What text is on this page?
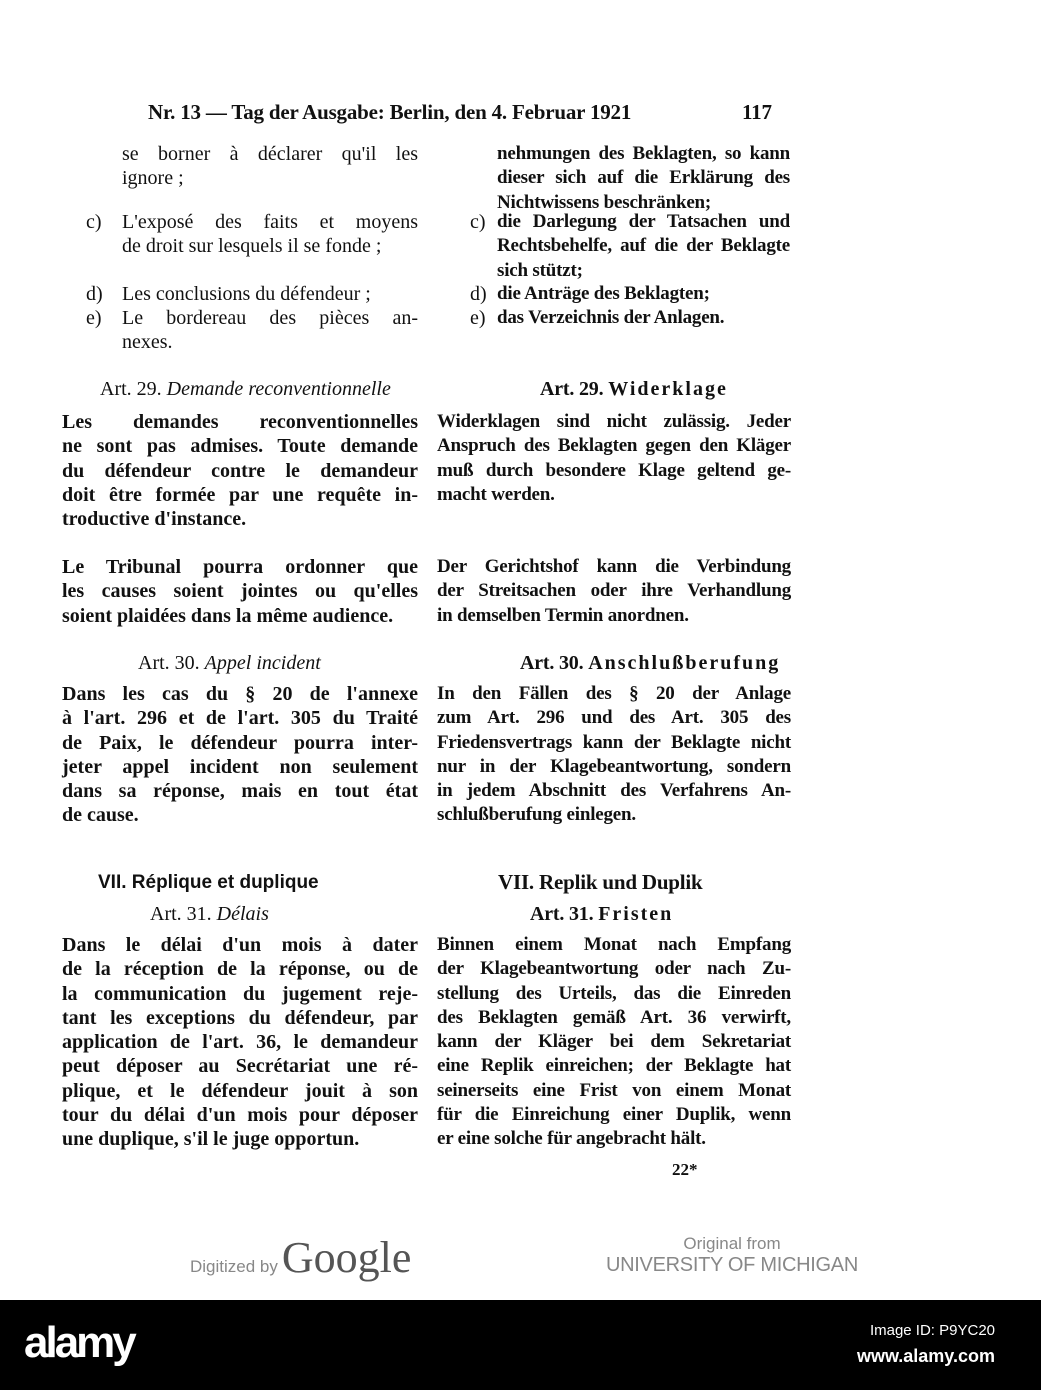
Nr. 13 — Tag der Ausgabe: Berlin, den 4. Februar 1921	117
se borner à déclarer qu'il les
ignore ;
c) L'exposé des faits et moyens
de droit sur lesquels il se fonde ;
d) Les conclusions du défendeur ;
e) Le bordereau des pièces an-
nexes.
Art. 29. Demande reconventionnelle
Les demandes reconventionnelles
ne sont pas admises. Toute demande
du défendeur contre le demandeur
doit être formée par une requête in-
troductive d'instance.
Le Tribunal pourra ordonner que
les causes soient jointes ou qu'elles
soient plaidées dans la même audience.
Art. 30. Appel incident
Dans les cas du § 20 de l'annexe
à l'art. 296 et de l'art. 305 du Traité
de Paix, le défendeur pourra inter-
jeter appel incident non seulement
dans sa réponse, mais en tout état
de cause.
VII. Réplique et duplique
Art. 31. Délais
Dans le délai d'un mois à dater
de la réception de la réponse, ou de
la communication du jugement reje-
tant les exceptions du défendeur, par
application de l'art. 36, le demandeur
peut déposer au Secrétariat une ré-
plique, et le défendeur jouit à son
tour du délai d'un mois pour déposer
une duplique, s'il le juge opportun.
nehmungen des Beklagten, so kann
dieser sich auf die Erklärung des
Nichtwissens beschränken;
c) die Darlegung der Tatsachen und
Rechtsbehelfe, auf die der Beklagte
sich stützt;
d) die Anträge des Beklagten;
e) das Verzeichnis der Anlagen.
Art. 29. Widerklage
Widerklagen sind nicht zulässig. Jeder
Anspruch des Beklagten gegen den Kläger
muß durch besondere Klage geltend ge-
macht werden.
Der Gerichtshof kann die Verbindung
der Streitsachen oder ihre Verhandlung
in demselben Termin anordnen.
Art. 30. Anschlußberufung
In den Fällen des § 20 der Anlage
zum Art. 296 und des Art. 305 des
Friedensvertrags kann der Beklagte nicht
nur in der Klagebeantwortung, sondern
in jedem Abschnitt des Verfahrens An-
schlußberufung einlegen.
VII. Replik und Duplik
Art. 31. Fristen
Binnen einem Monat nach Empfang
der Klagebeantwortung oder nach Zu-
stellung des Urteils, das die Einreden
des Beklagten gemäß Art. 36 verwirft,
kann der Kläger bei dem Sekretariat
eine Replik einreichen; der Beklagte hat
seinerseits eine Frist von einem Monat
für die Einreichung einer Duplik, wenn
er eine solche für angebracht hält.
22*
Digitized by Google	Original from
UNIVERSITY OF MICHIGAN
alamy	Image ID: P9YC20
www.alamy.com
